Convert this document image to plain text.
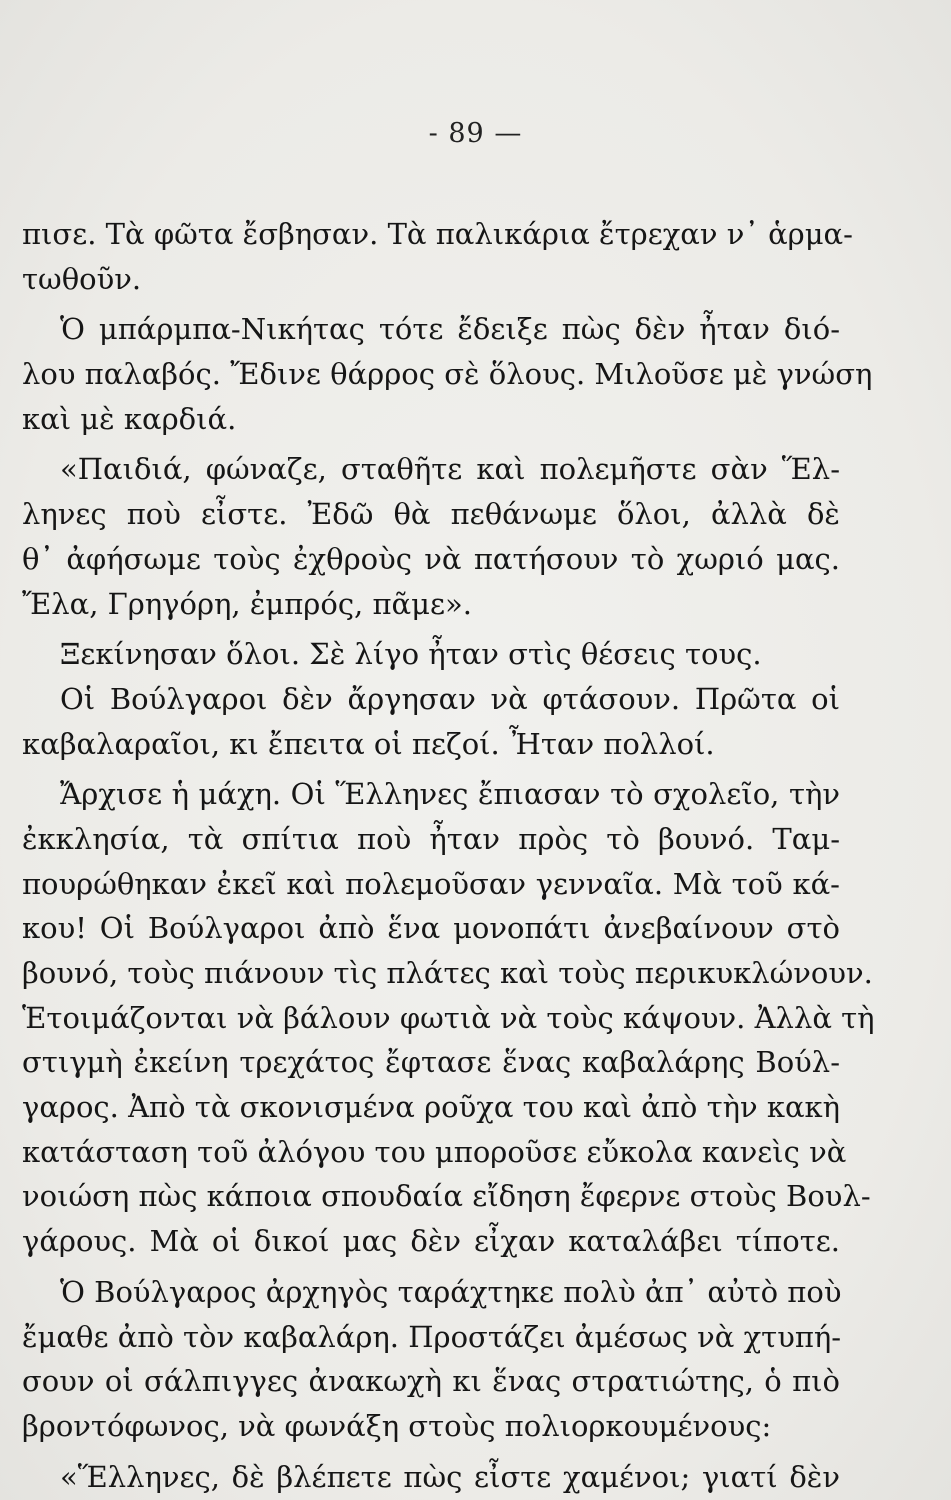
- 89 —
πισε. Τὰ φῶτα ἔσβησαν. Τὰ παλικάρια ἔτρεχαν ν᾿ ἁρμα-
τωθοῦν.
Ὁ μπάρμπα-Νικήτας τότε ἔδειξε πὼς δὲν ἦταν διό-
λου παλαβός. Ἔδινε θάρρος σὲ ὅλους. Μιλοῦσε μὲ γνώση
καὶ μὲ καρδιά.
«Παιδιά, φώναζε, σταθῆτε καὶ πολεμῆστε σὰν Ἕλ-
ληνες ποὺ εἶστε. Ἐδῶ θὰ πεθάνωμε ὅλοι, ἀλλὰ δὲ
θ᾿ ἀφήσωμε τοὺς ἐχθροὺς νὰ πατήσουν τὸ χωριό μας.
Ἔλα, Γρηγόρη, ἐμπρός, πᾶμε».
Ξεκίνησαν ὅλοι. Σὲ λίγο ἦταν στὶς θέσεις τους.
Οἱ Βούλγαροι δὲν ἄργησαν νὰ φτάσουν. Πρῶτα οἱ
καβαλαραῖοι, κι ἔπειτα οἱ πεζοί. Ἦταν πολλοί.
Ἄρχισε ἡ μάχη. Οἱ Ἕλληνες ἔπιασαν τὸ σχολεῖο, τὴν
ἐκκλησία, τὰ σπίτια ποὺ ἦταν πρὸς τὸ βουνό. Ταμ-
πουρώθηκαν ἐκεῖ καὶ πολεμοῦσαν γενναῖα. Μὰ τοῦ κά-
κου! Οἱ Βούλγαροι ἀπὸ ἕνα μονοπάτι ἀνεβαίνουν στὸ
βουνό, τοὺς πιάνουν τὶς πλάτες καὶ τοὺς περικυκλώνουν.
Ἑτοιμάζονται νὰ βάλουν φωτιὰ νὰ τοὺς κάψουν. Ἀλλὰ τὴ
στιγμὴ ἐκείνη τρεχάτος ἔφτασε ἕνας καβαλάρης Βούλ-
γαρος. Ἀπὸ τὰ σκονισμένα ροῦχα του καὶ ἀπὸ τὴν κακὴ
κατάσταση τοῦ ἀλόγου του μποροῦσε εὔκολα κανεὶς νὰ
νοιώση πὼς κάποια σπουδαία εἴδηση ἔφερνε στοὺς Βουλ-
γάρους. Μὰ οἱ δικοί μας δὲν εἶχαν καταλάβει τίποτε.
Ὁ Βούλγαρος ἀρχηγὸς ταράχτηκε πολὺ ἀπ᾿ αὐτὸ ποὺ
ἔμαθε ἀπὸ τὸν καβαλάρη. Προστάζει ἀμέσως νὰ χτυπή-
σουν οἱ σάλπιγγες ἀνακωχὴ κι ἕνας στρατιώτης, ὁ πιὸ
βροντόφωνος, νὰ φωνάξη στοὺς πολιορκουμένους:
«Ἕλληνες, δὲ βλέπετε πὼς εἶστε χαμένοι; γιατί δὲν
